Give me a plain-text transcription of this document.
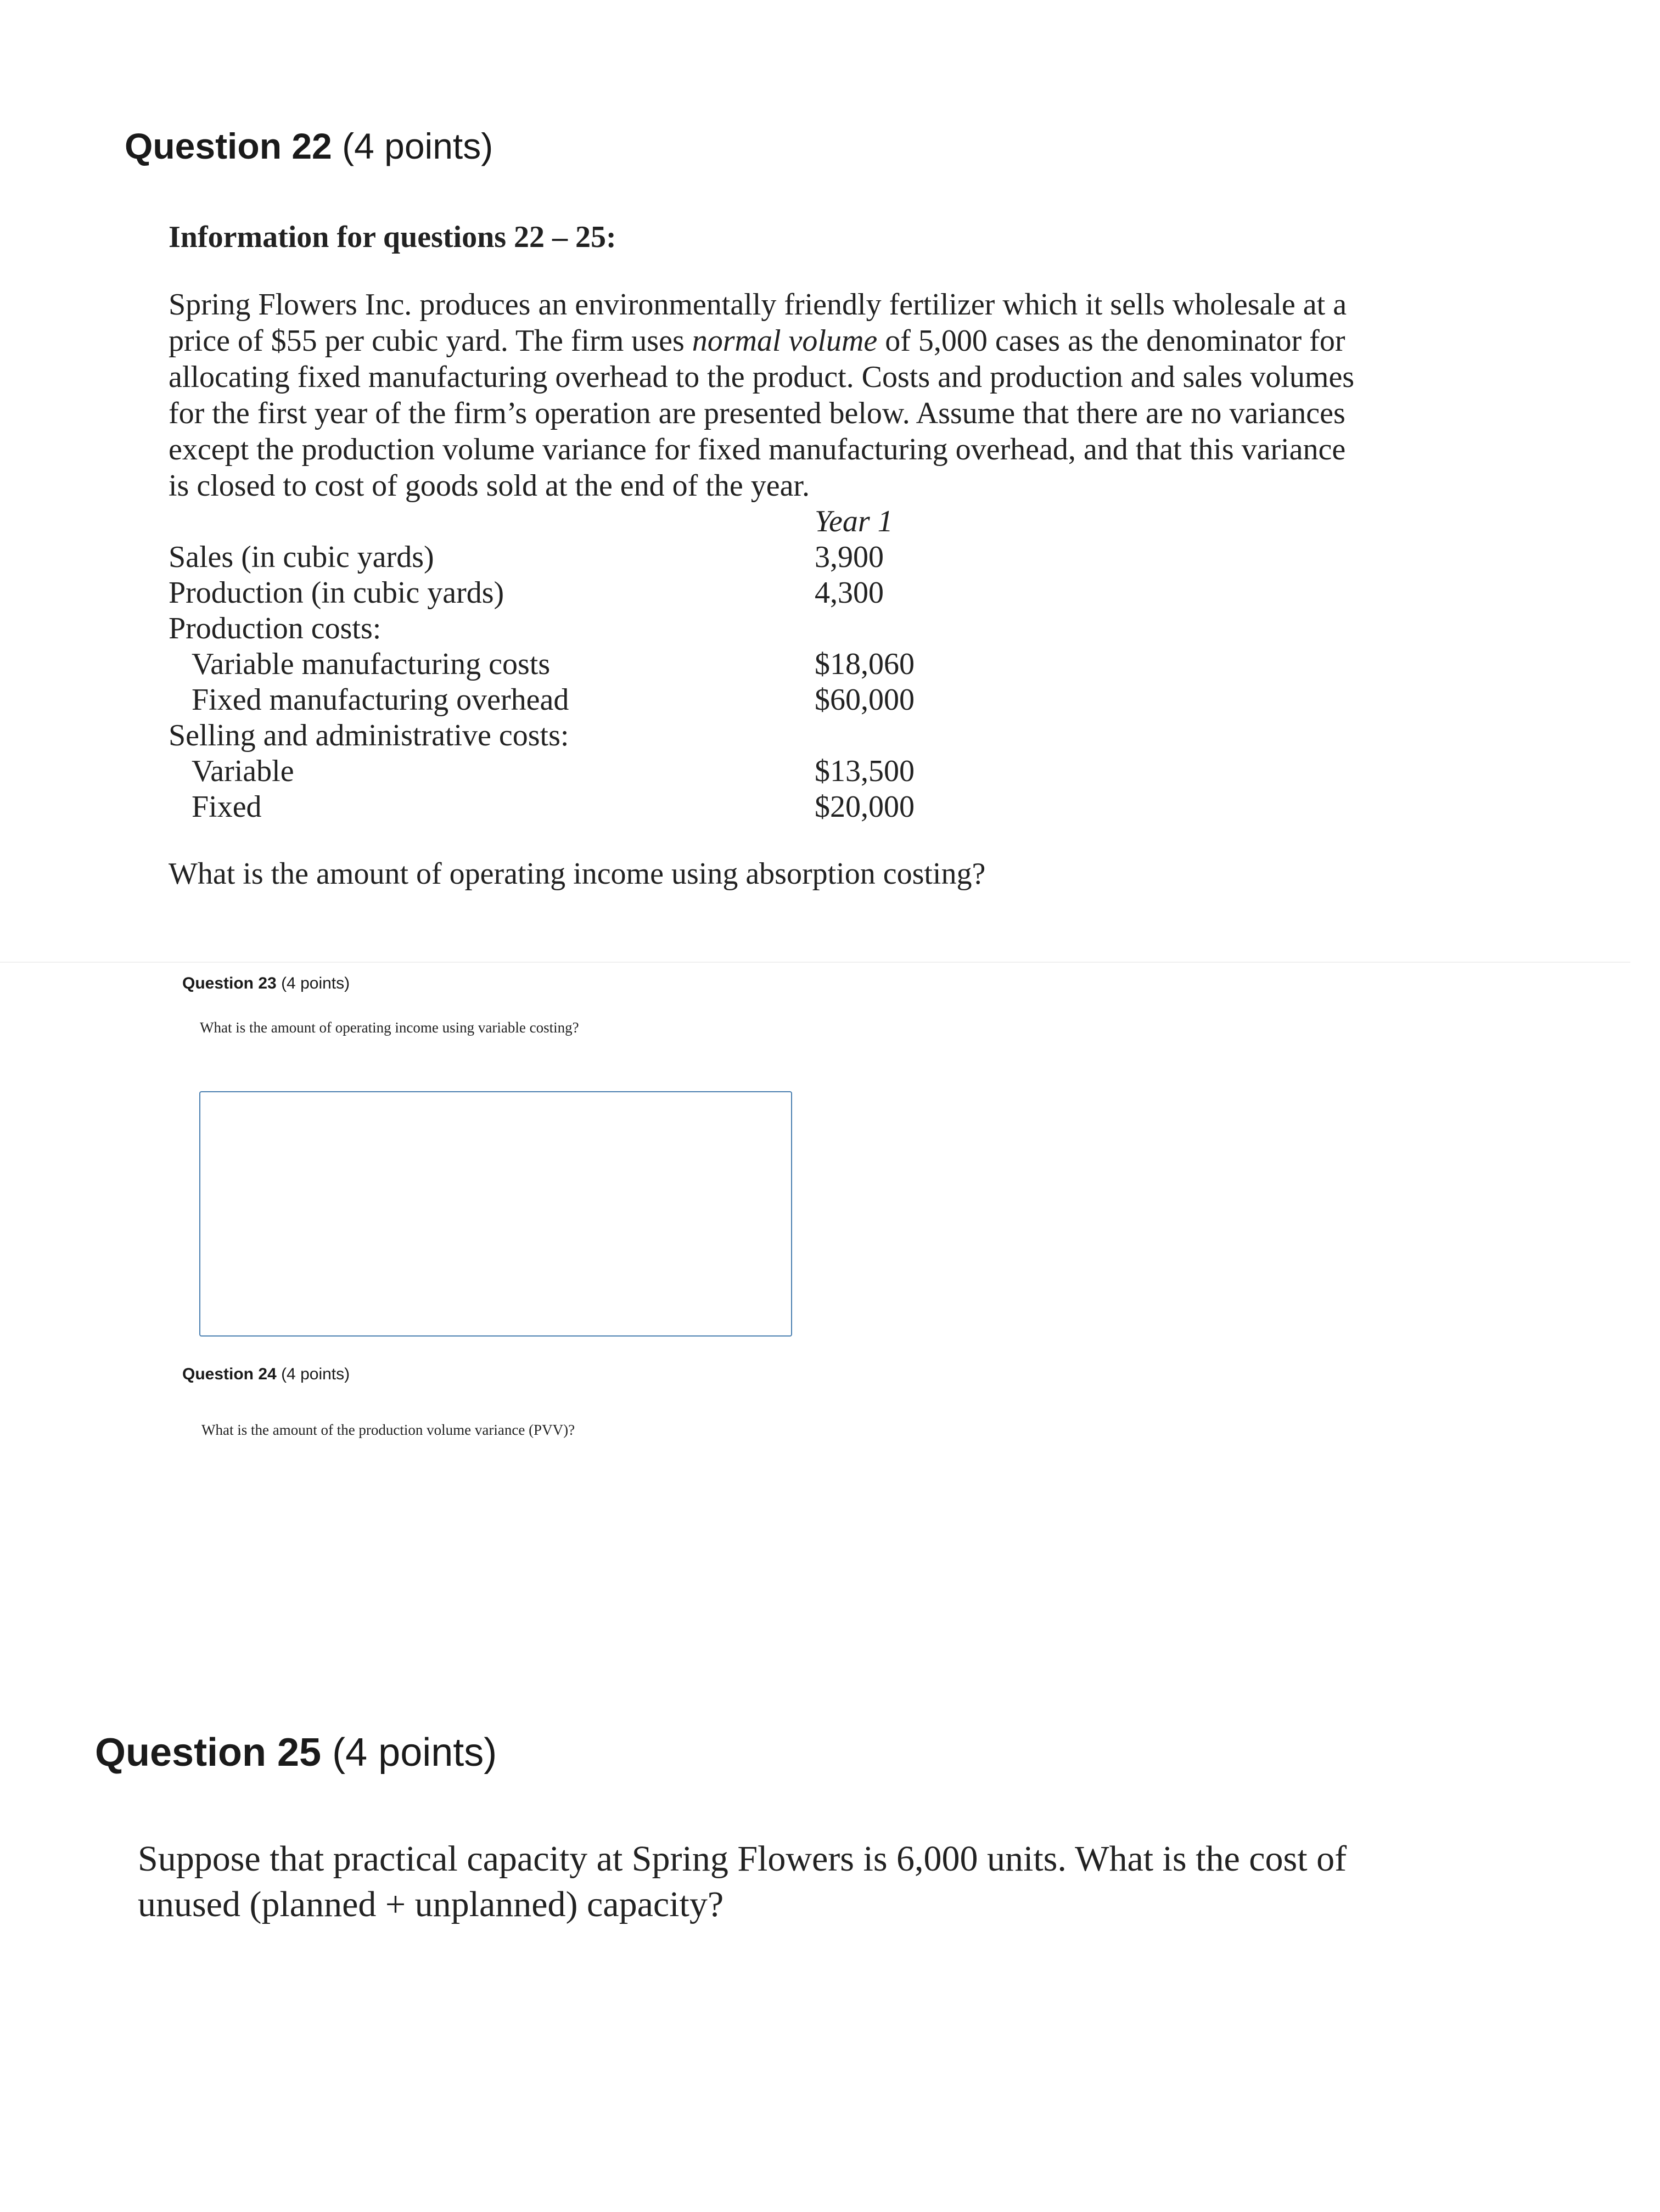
Question 22 (4 points)
Information for questions 22 – 25:
Spring Flowers Inc. produces an environmentally friendly fertilizer which it sells wholesale at a
price of $55 per cubic yard. The firm uses normal volume of 5,000 cases as the denominator for
allocating fixed manufacturing overhead to the product. Costs and production and sales volumes
for the first year of the firm’s operation are presented below. Assume that there are no variances
except the production volume variance for fixed manufacturing overhead, and that this variance
is closed to cost of goods sold at the end of the year.
Year 1
Sales (in cubic yards)	3,900
Production (in cubic yards)	4,300
Production costs:
Variable manufacturing costs	$18,060
Fixed manufacturing overhead	$60,000
Selling and administrative costs:
Variable	$13,500
Fixed	$20,000
What is the amount of operating income using absorption costing?
Question 23 (4 points)
What is the amount of operating income using variable costing?
Question 24 (4 points)
What is the amount of the production volume variance (PVV)?
Question 25 (4 points)
Suppose that practical capacity at Spring Flowers is 6,000 units. What is the cost of
unused (planned + unplanned) capacity?
